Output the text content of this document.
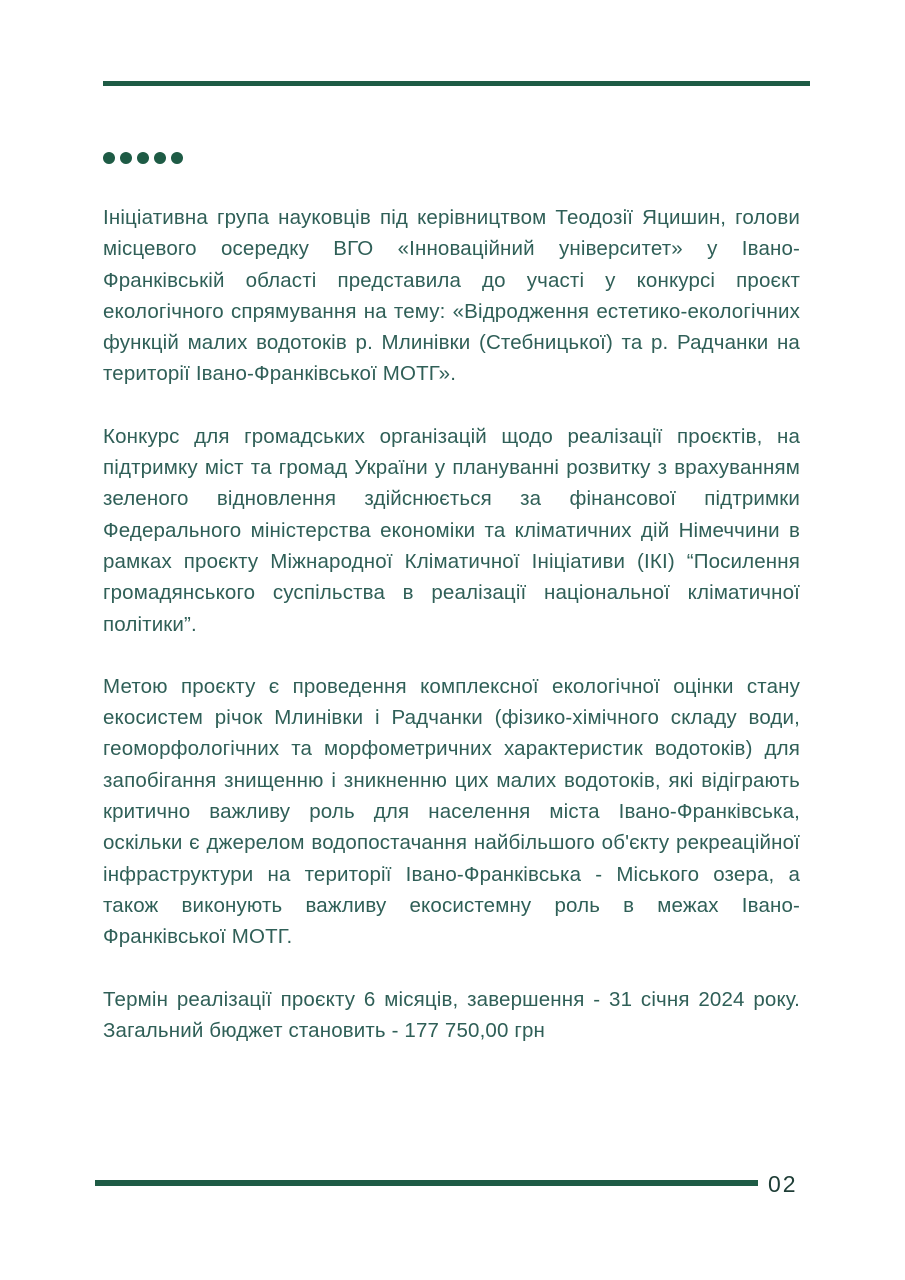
Ініціативна група науковців під керівництвом Теодозії Яцишин, голови місцевого осередку ВГО «Інноваційний університет» у Івано-Франківській області представила до участі у конкурсі проєкт екологічного спрямування на тему: «Відродження естетико-екологічних функцій малих водотоків р. Млинівки (Стебницької) та р. Радчанки на території Івано-Франківської МОТГ».

Конкурс для громадських організацій щодо реалізації проєктів, на підтримку міст та громад України у плануванні розвитку з врахуванням зеленого відновлення здійснюється за фінансової підтримки Федерального міністерства економіки та кліматичних дій Німеччини в рамках проєкту Міжнародної Кліматичної Ініціативи (ІКІ) “Посилення громадянського суспільства в реалізації національної кліматичної політики”.

Метою проєкту є проведення комплексної екологічної оцінки стану екосистем річок Млинівки і Радчанки (фізико-хімічного складу води, геоморфологічних та морфометричних характеристик водотоків) для запобігання знищенню і зникненню цих малих водотоків, які відіграють критично важливу роль для населення міста Івано-Франківська, оскільки є джерелом водопостачання найбільшого об'єкту рекреаційної інфраструктури на території Івано-Франківська - Міського озера, а також виконують важливу екосистемну роль в межах Івано-Франківської МОТГ.

Термін реалізації проєкту 6 місяців, завершення - 31 січня 2024 року. Загальний бюджет становить - 177 750,00 грн

02
